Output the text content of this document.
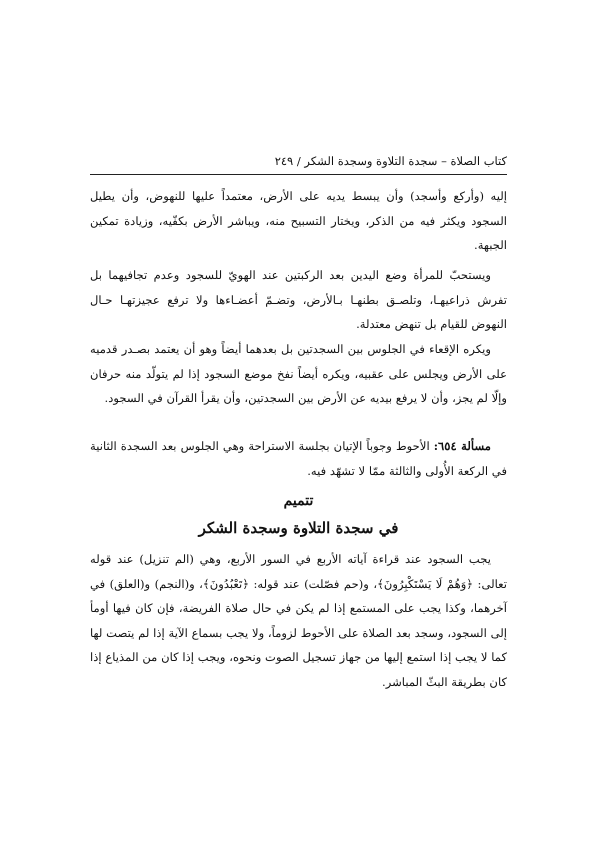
كتاب الصلاة – سجدة التلاوة وسجدة الشكر / ٢٤٩

إليه (وأركع وأسجد) وأن يبسط يديه على الأرض، معتمداً عليها للنهوض، وأن يطيل السجود ويكثر فيه من الذكر، ويختار التسبيح منه، ويباشر الأرض بكفّيه، وزيادة تمكين الجبهة.

ويستحبّ للمرأة وضع اليدين بعد الركبتين عند الهويّ للسجود وعدم تجافيهما بل تفرش ذراعيهـا، وتلصـق بطنهـا بـالأرض، وتضـمّ أعضـاءها ولا ترفع عجيزتهـا حـال النهوض للقيام بل تنهض معتدلة.

ويكره الإقعاء في الجلوس بين السجدتين بل بعدهما أيضاً وهو أن يعتمد بصـدر قدميه على الأرض ويجلس على عقبيه، ويكره أيضاً نفخ موضع السجود إذا لم يتولّد منه حرفان وإلّا لم يجز، وأن لا يرفع بيديه عن الأرض بين السجدتين، وأن يقرأ القرآن في السجود.

مسألة ٦٥٤: الأحوط وجوباً الإتيان بجلسة الاستراحة وهي الجلوس بعد السجدة الثانية في الركعة الأُولى والثالثة ممّا لا تشهّد فيه.

تتميم
في سجدة التلاوة وسجدة الشكر

يجب السجود عند قراءة آياته الأربع في السور الأربع، وهي (الم تنزيل) عند قوله تعالى: ﴿وَهُمْ لَا يَسْتَكْبِرُونَ﴾، و(حم فصّلت) عند قوله: ﴿تَعْبُدُونَ﴾، و(النجم) و(العلق) في آخرهما، وكذا يجب على المستمع إذا لم يكن في حال صلاة الفريضة، فإن كان فيها أومأ إلى السجود، وسجد بعد الصلاة على الأحوط لزوماً، ولا يجب بسماع الآية إذا لم يتصت لها كما لا يجب إذا استمع إليها من جهاز تسجيل الصوت ونحوه، ويجب إذا كان من المذياع إذا كان بطريقة البثّ المباشر.
